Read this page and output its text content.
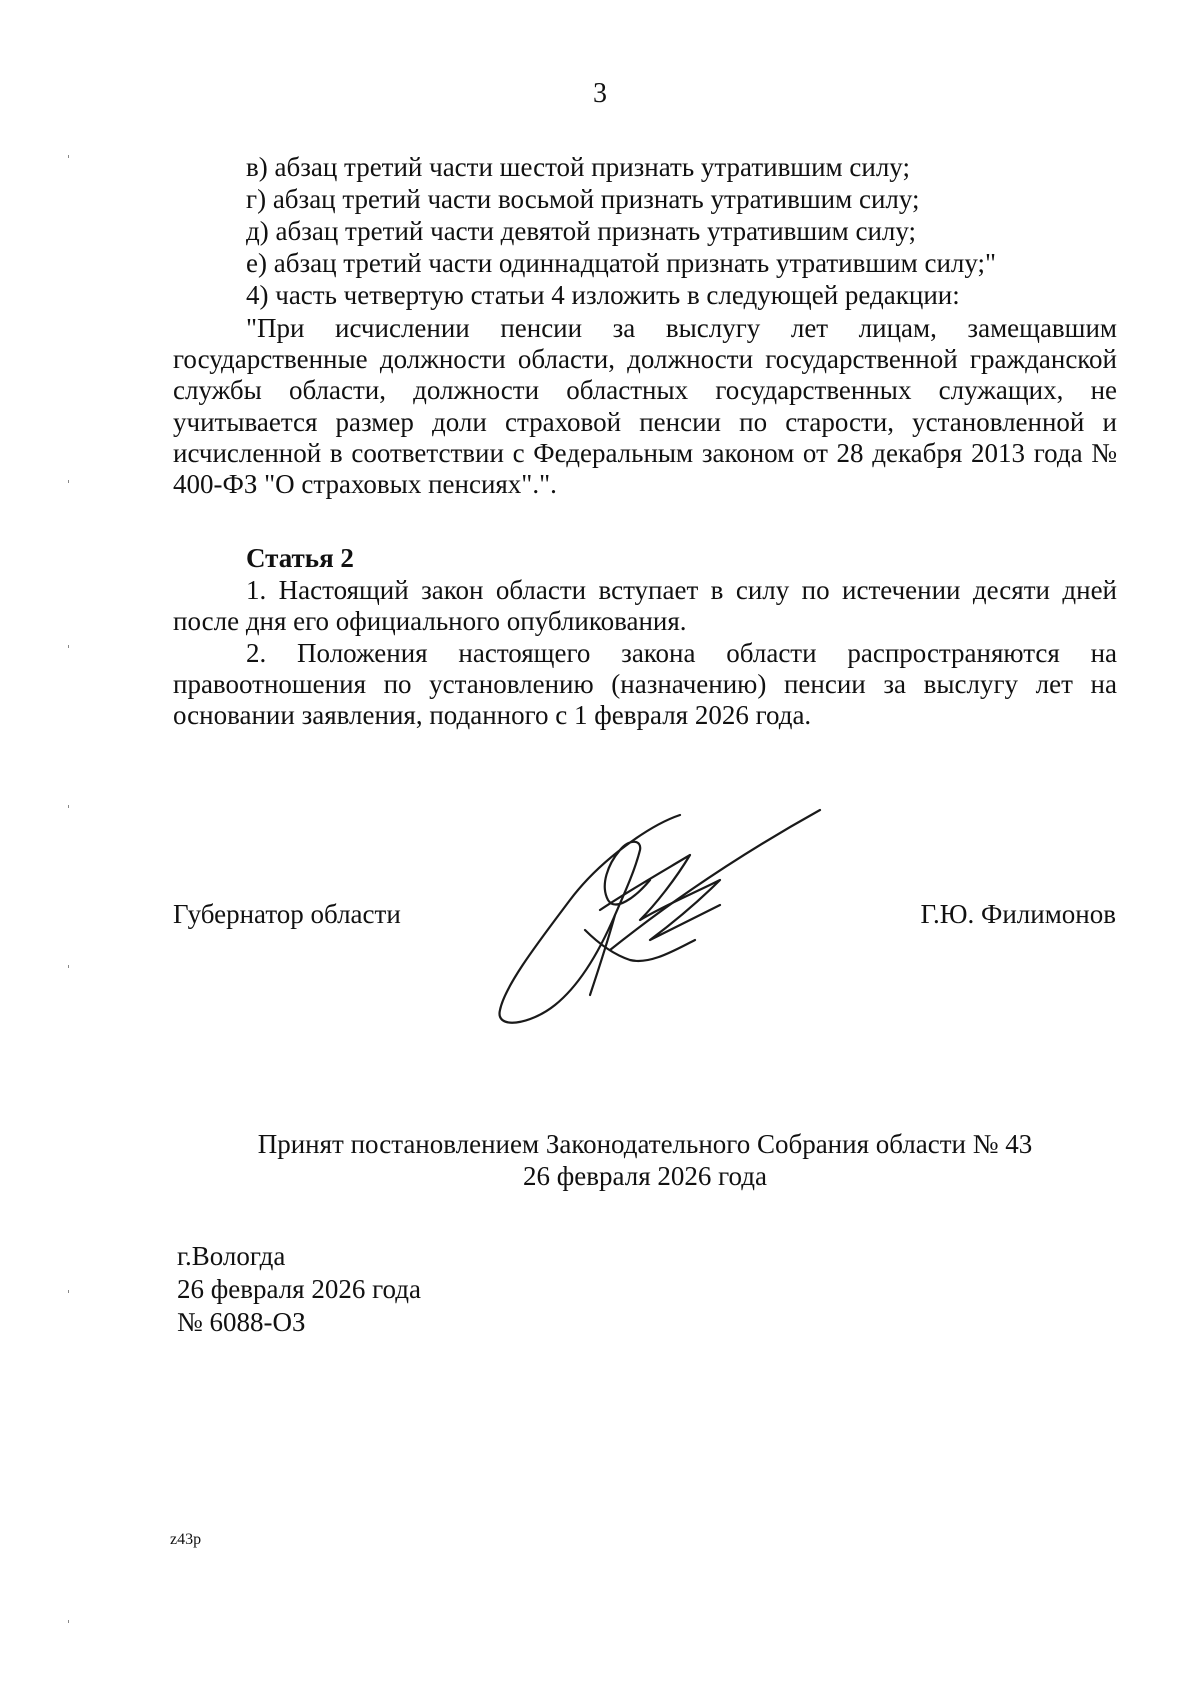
3
в) абзац третий части шестой признать утратившим силу;
г) абзац третий части восьмой признать утратившим силу;
д) абзац третий части девятой признать утратившим силу;
е) абзац третий части одиннадцатой признать утратившим силу;"
4) часть четвертую статьи 4 изложить в следующей редакции:

"При исчислении пенсии за выслугу лет лицам, замещавшим государственные должности области, должности государственной гражданской службы области, должности областных государственных служащих, не учитывается размер доли страховой пенсии по старости, установленной и исчисленной в соответствии с Федеральным законом от 28 декабря 2013 года № 400-ФЗ "О страховых пенсиях".".

Статья 2

1. Настоящий закон области вступает в силу по истечении десяти дней после дня его официального опубликования.

2. Положения настоящего закона области распространяются на правоотношения по установлению (назначению) пенсии за выслугу лет на основании заявления, поданного с 1 февраля 2026 года.

Губернатор области	Г.Ю. Филимонов
Принят постановлением Законодательного Собрания области № 43
26 февраля 2026 года
г.Вологда
26 февраля 2026 года
№ 6088-ОЗ
z43p
